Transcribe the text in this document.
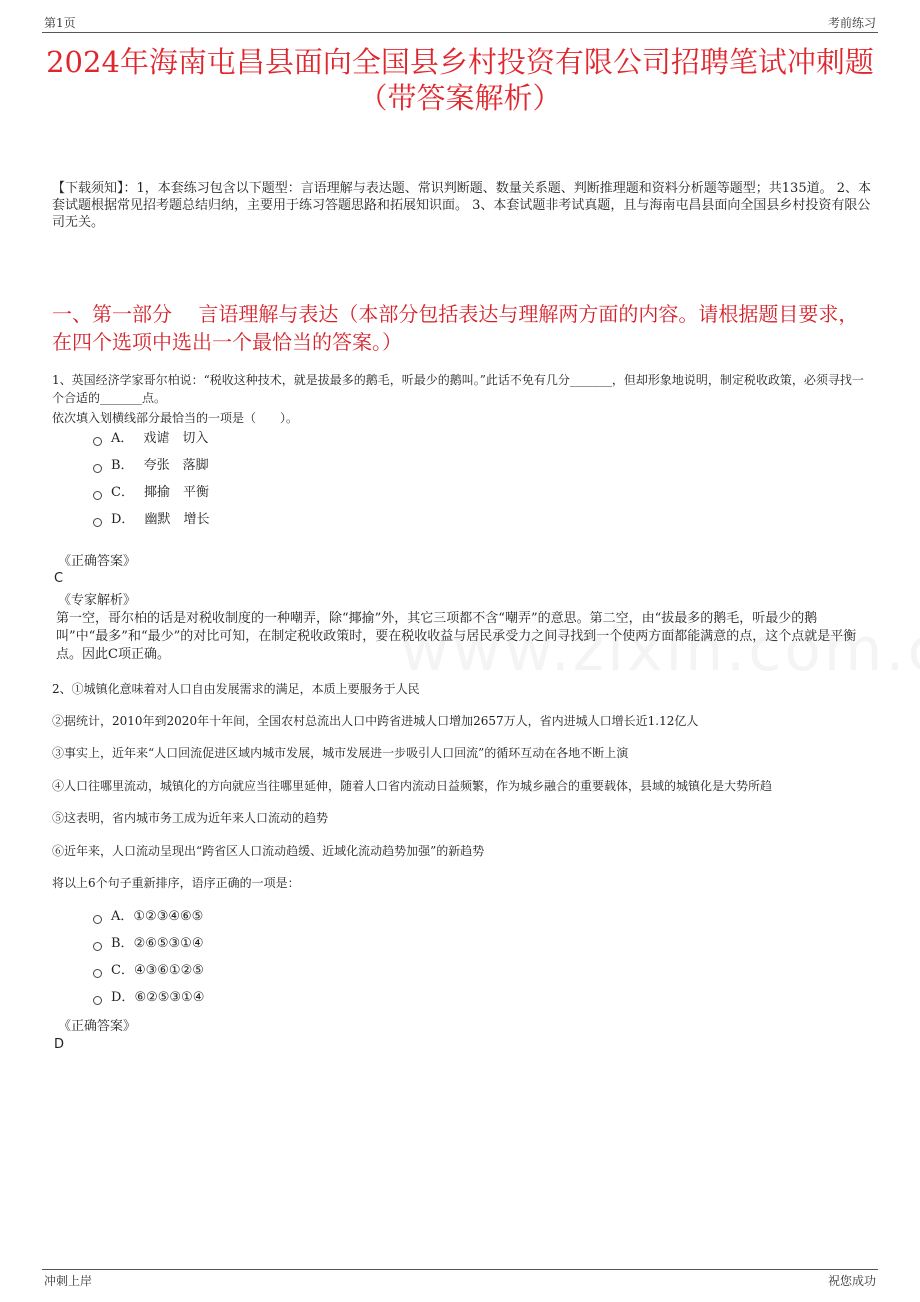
第1页	考前练习
2024年海南屯昌县面向全国县乡村投资有限公司招聘笔试冲刺题（带答案解析）
【下载须知】：1，本套练习包含以下题型：言语理解与表达题、常识判断题、数量关系题、判断推理题和资料分析题等题型；共135道。 2、本套试题根据常见招考题总结归纳，主要用于练习答题思路和拓展知识面。 3、本套试题非考试真题，且与海南屯昌县面向全国县乡村投资有限公司无关。
一、第一部分　 言语理解与表达（本部分包括表达与理解两方面的内容。请根据题目要求，在四个选项中选出一个最恰当的答案。）
1、英国经济学家哥尔柏说：“税收这种技术，就是拔最多的鹅毛，听最少的鹅叫。”此话不免有几分_______，但却形象地说明，制定税收政策，必须寻找一个合适的_______点。
依次填入划横线部分最恰当的一项是（　　）。
A． 戏谑　切入
B． 夸张　落脚
C． 揶揄　平衡
D． 幽默　增长
《正确答案》
C
《专家解析》
第一空，哥尔柏的话是对税收制度的一种嘲弄，除“揶揄”外，其它三项都不含“嘲弄”的意思。第二空，由“拔最多的鹅毛，听最少的鹅叫”中“最多”和“最少”的对比可知，在制定税收政策时，要在税收收益与居民承受力之间寻找到一个使两方面都能满意的点，这个点就是平衡点。因此C项正确。
2、①城镇化意味着对人口自由发展需求的满足，本质上要服务于人民
②据统计，2010年到2020年十年间，全国农村总流出人口中跨省进城人口增加2657万人，省内进城人口增长近1.12亿人
③事实上，近年来“人口回流促进区域内城市发展，城市发展进一步吸引人口回流”的循环互动在各地不断上演
④人口往哪里流动，城镇化的方向就应当往哪里延伸，随着人口省内流动日益频繁，作为城乡融合的重要载体，县域的城镇化是大势所趋
⑤这表明，省内城市务工成为近年来人口流动的趋势
⑥近年来，人口流动呈现出“跨省区人口流动趋缓、近域化流动趋势加强”的新趋势
将以上6个句子重新排序，语序正确的一项是：
A． ①②③④⑥⑤
B． ②⑥⑤③①④
C． ④③⑥①②⑤
D． ⑥②⑤③①④
《正确答案》
D
冲刺上岸	祝您成功
